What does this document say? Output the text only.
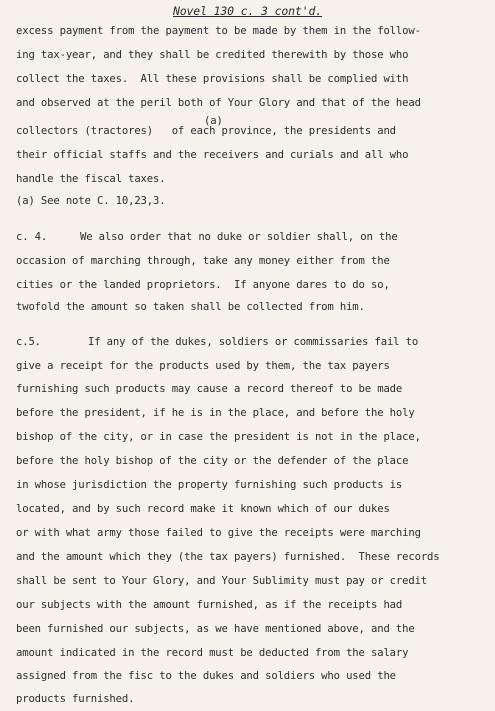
Novel 130 c. 3 cont'd.
excess payment from the payment to be made by them in the follow-
ing tax-year, and they shall be credited therewith by those who
collect the taxes.  All these provisions shall be complied with
and observed at the peril both of Your Glory and that of the head
(a)
collectors (tractores)   of each province, the presidents and
their official staffs and the receivers and curials and all who
handle the fiscal taxes.
(a) See note C. 10,23,3.
c. 4.	We also order that no duke or soldier shall, on the
occasion of marching through, take any money either from the
cities or the landed proprietors.  If anyone dares to do so,
twofold the amount so taken shall be collected from him.
c.5.	If any of the dukes, soldiers or commissaries fail to
give a receipt for the products used by them, the tax payers
furnishing such products may cause a record thereof to be made
before the president, if he is in the place, and before the holy
bishop of the city, or in case the president is not in the place,
before the holy bishop of the city or the defender of the place
in whose jurisdiction the property furnishing such products is
located, and by such record make it known which of our dukes
or with what army those failed to give the receipts were marching
and the amount which they (the tax payers) furnished.  These records
shall be sent to Your Glory, and Your Sublimity must pay or credit
our subjects with the amount furnished, as if the receipts had
been furnished our subjects, as we have mentioned above, and the
amount indicated in the record must be deducted from the salary
assigned from the fisc to the dukes and soldiers who used the
products furnished.
